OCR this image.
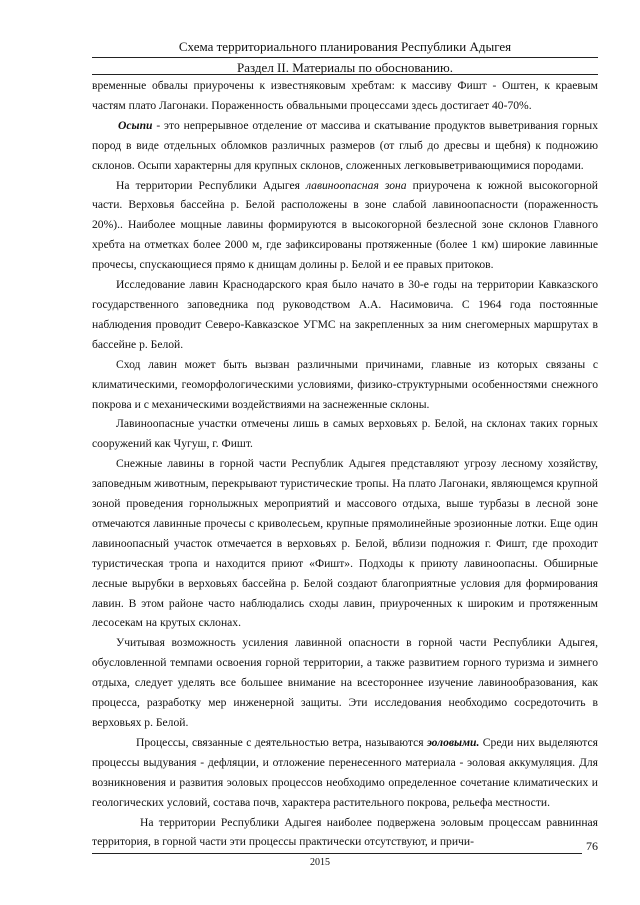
Схема территориального планирования Республики Адыгея
Раздел II. Материалы по обоснованию.

временные обвалы приурочены к известняковым хребтам: к массиву Фишт - Оштен, к краевым частям плато Лагонаки. Пораженность обвальными процессами здесь достигает 40-70%.

Осыпи - это непрерывное отделение от массива и скатывание продуктов выветривания горных пород в виде отдельных обломков различных размеров (от глыб до дресвы и щебня) к подножию склонов. Осыпи характерны для крупных склонов, сложенных легковыветривающимися породами.

На территории Республики Адыгея лавиноопасная зона приурочена к южной высокогорной части. Верховья бассейна р. Белой расположены в зоне слабой лавиноопасности (пораженность 20%).. Наиболее мощные лавины формируются в высокогорной безлесной зоне склонов Главного хребта на отметках более 2000 м, где зафиксированы протяженные (более 1 км) широкие лавинные прочесы, спускающиеся прямо к днищам долины р. Белой и ее правых притоков.

Исследование лавин Краснодарского края было начато в 30-е годы на территории Кавказского государственного заповедника под руководством А.А. Насимовича. С 1964 года постоянные наблюдения проводит Северо-Кавказское УГМС на закрепленных за ним снегомерных маршрутах в бассейне р. Белой.

Сход лавин может быть вызван различными причинами, главные из которых связаны с климатическими, геоморфологическими условиями, физико-структурными особенностями снежного покрова и с механическими воздействиями на заснеженные склоны.

Лавиноопасные участки отмечены лишь в самых верховьях р. Белой, на склонах таких горных сооружений как Чугуш, г. Фишт.

Снежные лавины в горной части Республик Адыгея представляют угрозу лесному хозяйству, заповедным животным, перекрывают туристические тропы. На плато Лагонаки, являющемся крупной зоной проведения горнолыжных мероприятий и массового отдыха, выше турбазы в лесной зоне отмечаются лавинные прочесы с криволесьем, крупные прямолинейные эрозионные лотки. Еще один лавиноопасный участок отмечается в верховьях р. Белой, вблизи подножия г. Фишт, где проходит туристическая тропа и находится приют «Фишт». Подходы к приюту лавиноопасны. Обширные лесные вырубки в верховьях бассейна р. Белой создают благоприятные условия для формирования лавин. В этом районе часто наблюдались сходы лавин, приуроченных к широким и протяженным лесосекам на крутых склонах.

Учитывая возможность усиления лавинной опасности в горной части Республики Адыгея, обусловленной темпами освоения горной территории, а также развитием горного туризма и зимнего отдыха, следует уделять все большее внимание на всестороннее изучение лавинообразования, как процесса, разработку мер инженерной защиты. Эти исследования необходимо сосредоточить в верховьях р. Белой.

Процессы, связанные с деятельностью ветра, называются эоловыми. Среди них выделяются процессы выдувания - дефляции, и отложение перенесенного материала - эоловая аккумуляция. Для возникновения и развития эоловых процессов необходимо определенное сочетание климатических и геологических условий, состава почв, характера растительного покрова, рельефа местности.

На территории Республики Адыгея наиболее подвержена эоловым процессам равнинная территория, в горной части эти процессы практически отсутствуют, и причи-	76
2015
